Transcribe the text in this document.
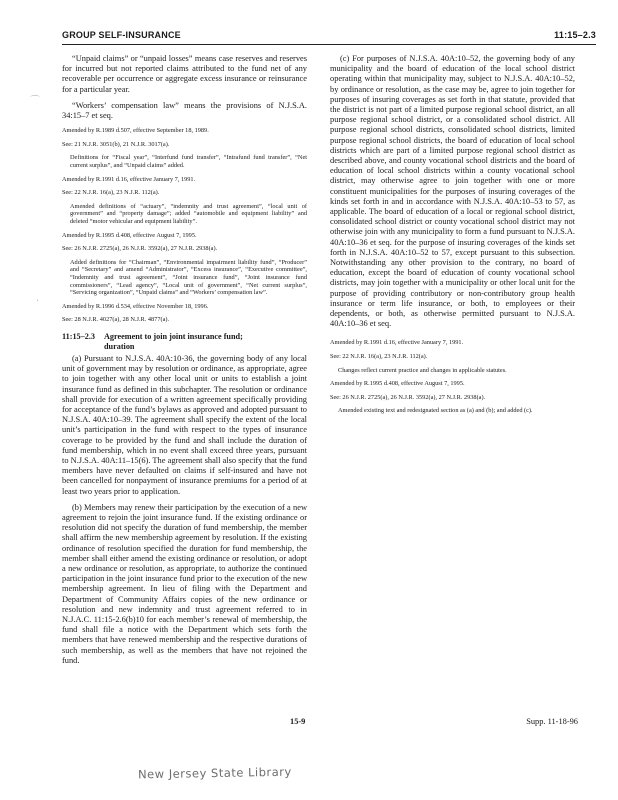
GROUP SELF-INSURANCE	11:15–2.3
⌒
·

“Unpaid claims” or “unpaid losses” means case reserves and reserves for incurred but not reported claims attributed to the fund net of any recoverable per occurrence or aggregate excess insurance or reinsurance for a particular year.

“Workers’ compensation law” means the provisions of N.J.S.A. 34:15–7 et seq.

Amended by R.1989 d.507, effective September 18, 1989.

See: 21 N.J.R. 3051(b), 21 N.J.R. 3017(a).

Definitions for “Fiscal year”, “Interfund fund transfer”, “Intrafund fund transfer”, “Net current surplus”, and “Unpaid claims” added.

Amended by R.1991 d.16, effective January 7, 1991.

See: 22 N.J.R. 16(a), 23 N.J.R. 112(a).

Amended definitions of “actuary”, “indemnity and trust agreement”, “local unit of government” and “property damage”; added “automobile and equipment liability” and deleted “motor vehicular and equipment liability”.

Amended by R.1995 d.408, effective August 7, 1995.

See: 26 N.J.R. 2725(a), 26 N.J.R. 3592(a), 27 N.J.R. 2938(a).

Added definitions for “Chairman”, “Environmental impairment liability fund”, “Producer” and “Secretary” and amend “Administrator”, “Excess insurance”, “Executive committee”, “Indemnity and trust agreement”, “Joint insurance fund”, “Joint insurance fund commissioners”, “Lead agency”, “Local unit of government”, “Net current surplus”, “Servicing organization”, “Unpaid claims” and “Workers’ compensation law”.

Amended by R.1996 d.534, effective November 18, 1996.

See: 28 N.J.R. 4027(a), 28 N.J.R. 4877(a).

11:15–2.3 Agreement to join joint insurance fund;
duration

(a) Pursuant to N.J.S.A. 40A:10-36, the governing body of any local unit of government may by resolution or ordinance, as appropriate, agree to join together with any other local unit or units to establish a joint insurance fund as defined in this subchapter. The resolution or ordinance shall provide for execution of a written agreement specifically providing for acceptance of the fund’s bylaws as approved and adopted pursuant to N.J.S.A. 40A:10–39. The agreement shall specify the extent of the local unit’s participation in the fund with respect to the types of insurance coverage to be provided by the fund and shall include the duration of fund membership, which in no event shall exceed three years, pursuant to N.J.S.A. 40A:11–15(6). The agreement shall also specify that the fund members have never defaulted on claims if self-insured and have not been cancelled for nonpayment of insurance premiums for a period of at least two years prior to application.

(b) Members may renew their participation by the execution of a new agreement to rejoin the joint insurance fund. If the existing ordinance or resolution did not specify the duration of fund membership, the member shall affirm the new membership agreement by resolution. If the existing ordinance of resolution specified the duration for fund membership, the member shall either amend the existing ordinance or resolution, or adopt a new ordinance or resolution, as appropriate, to authorize the continued participation in the joint insurance fund prior to the execution of the new membership agreement. In lieu of filing with the Department and Department of Community Affairs copies of the new ordinance or resolution and new indemnity and trust agreement referred to in N.J.A.C. 11:15-2.6(b)10 for each member’s renewal of membership, the fund shall file a notice with the Department which sets forth the members that have renewed membership and the respective durations of such membership, as well as the members that have not rejoined the fund.

(c) For purposes of N.J.S.A. 40A:10–52, the governing body of any municipality and the board of education of the local school district operating within that municipality may, subject to N.J.S.A. 40A:10–52, by ordinance or resolution, as the case may be, agree to join together for purposes of insuring coverages as set forth in that statute, provided that the district is not part of a limited purpose regional school district, an all purpose regional school district, or a consolidated school district. All purpose regional school districts, consolidated school districts, limited purpose regional school districts, the board of education of local school districts which are part of a limited purpose regional school district as described above, and county vocational school districts and the board of education of local school districts within a county vocational school district, may otherwise agree to join together with one or more constituent municipalities for the purposes of insuring coverages of the kinds set forth in and in accordance with N.J.S.A. 40A:10–53 to 57, as applicable. The board of education of a local or regional school district, consolidated school district or county vocational school district may not otherwise join with any municipality to form a fund pursuant to N.J.S.A. 40A:10–36 et seq. for the purpose of insuring coverages of the kinds set forth in N.J.S.A. 40A:10–52 to 57, except pursuant to this subsection. Notwithstanding any other provision to the contrary, no board of education, except the board of education of county vocational school districts, may join together with a municipality or other local unit for the purpose of providing contributory or non-contributory group health insurance or term life insurance, or both, to employees or their dependents, or both, as otherwise permitted pursuant to N.J.S.A. 40A:10–36 et seq.

Amended by R.1991 d.16, effective January 7, 1991.

See: 22 N.J.R. 16(a), 23 N.J.R. 112(a).

Changes reflect current practice and changes in applicable statutes.

Amended by R.1995 d.408, effective August 7, 1995.

See: 26 N.J.R. 2725(a), 26 N.J.R. 3592(a), 27 N.J.R. 2938(a).

Amended existing text and redesignated section as (a) and (b); and added (c).

15-9	Supp. 11-18-96
New Jersey State Library
